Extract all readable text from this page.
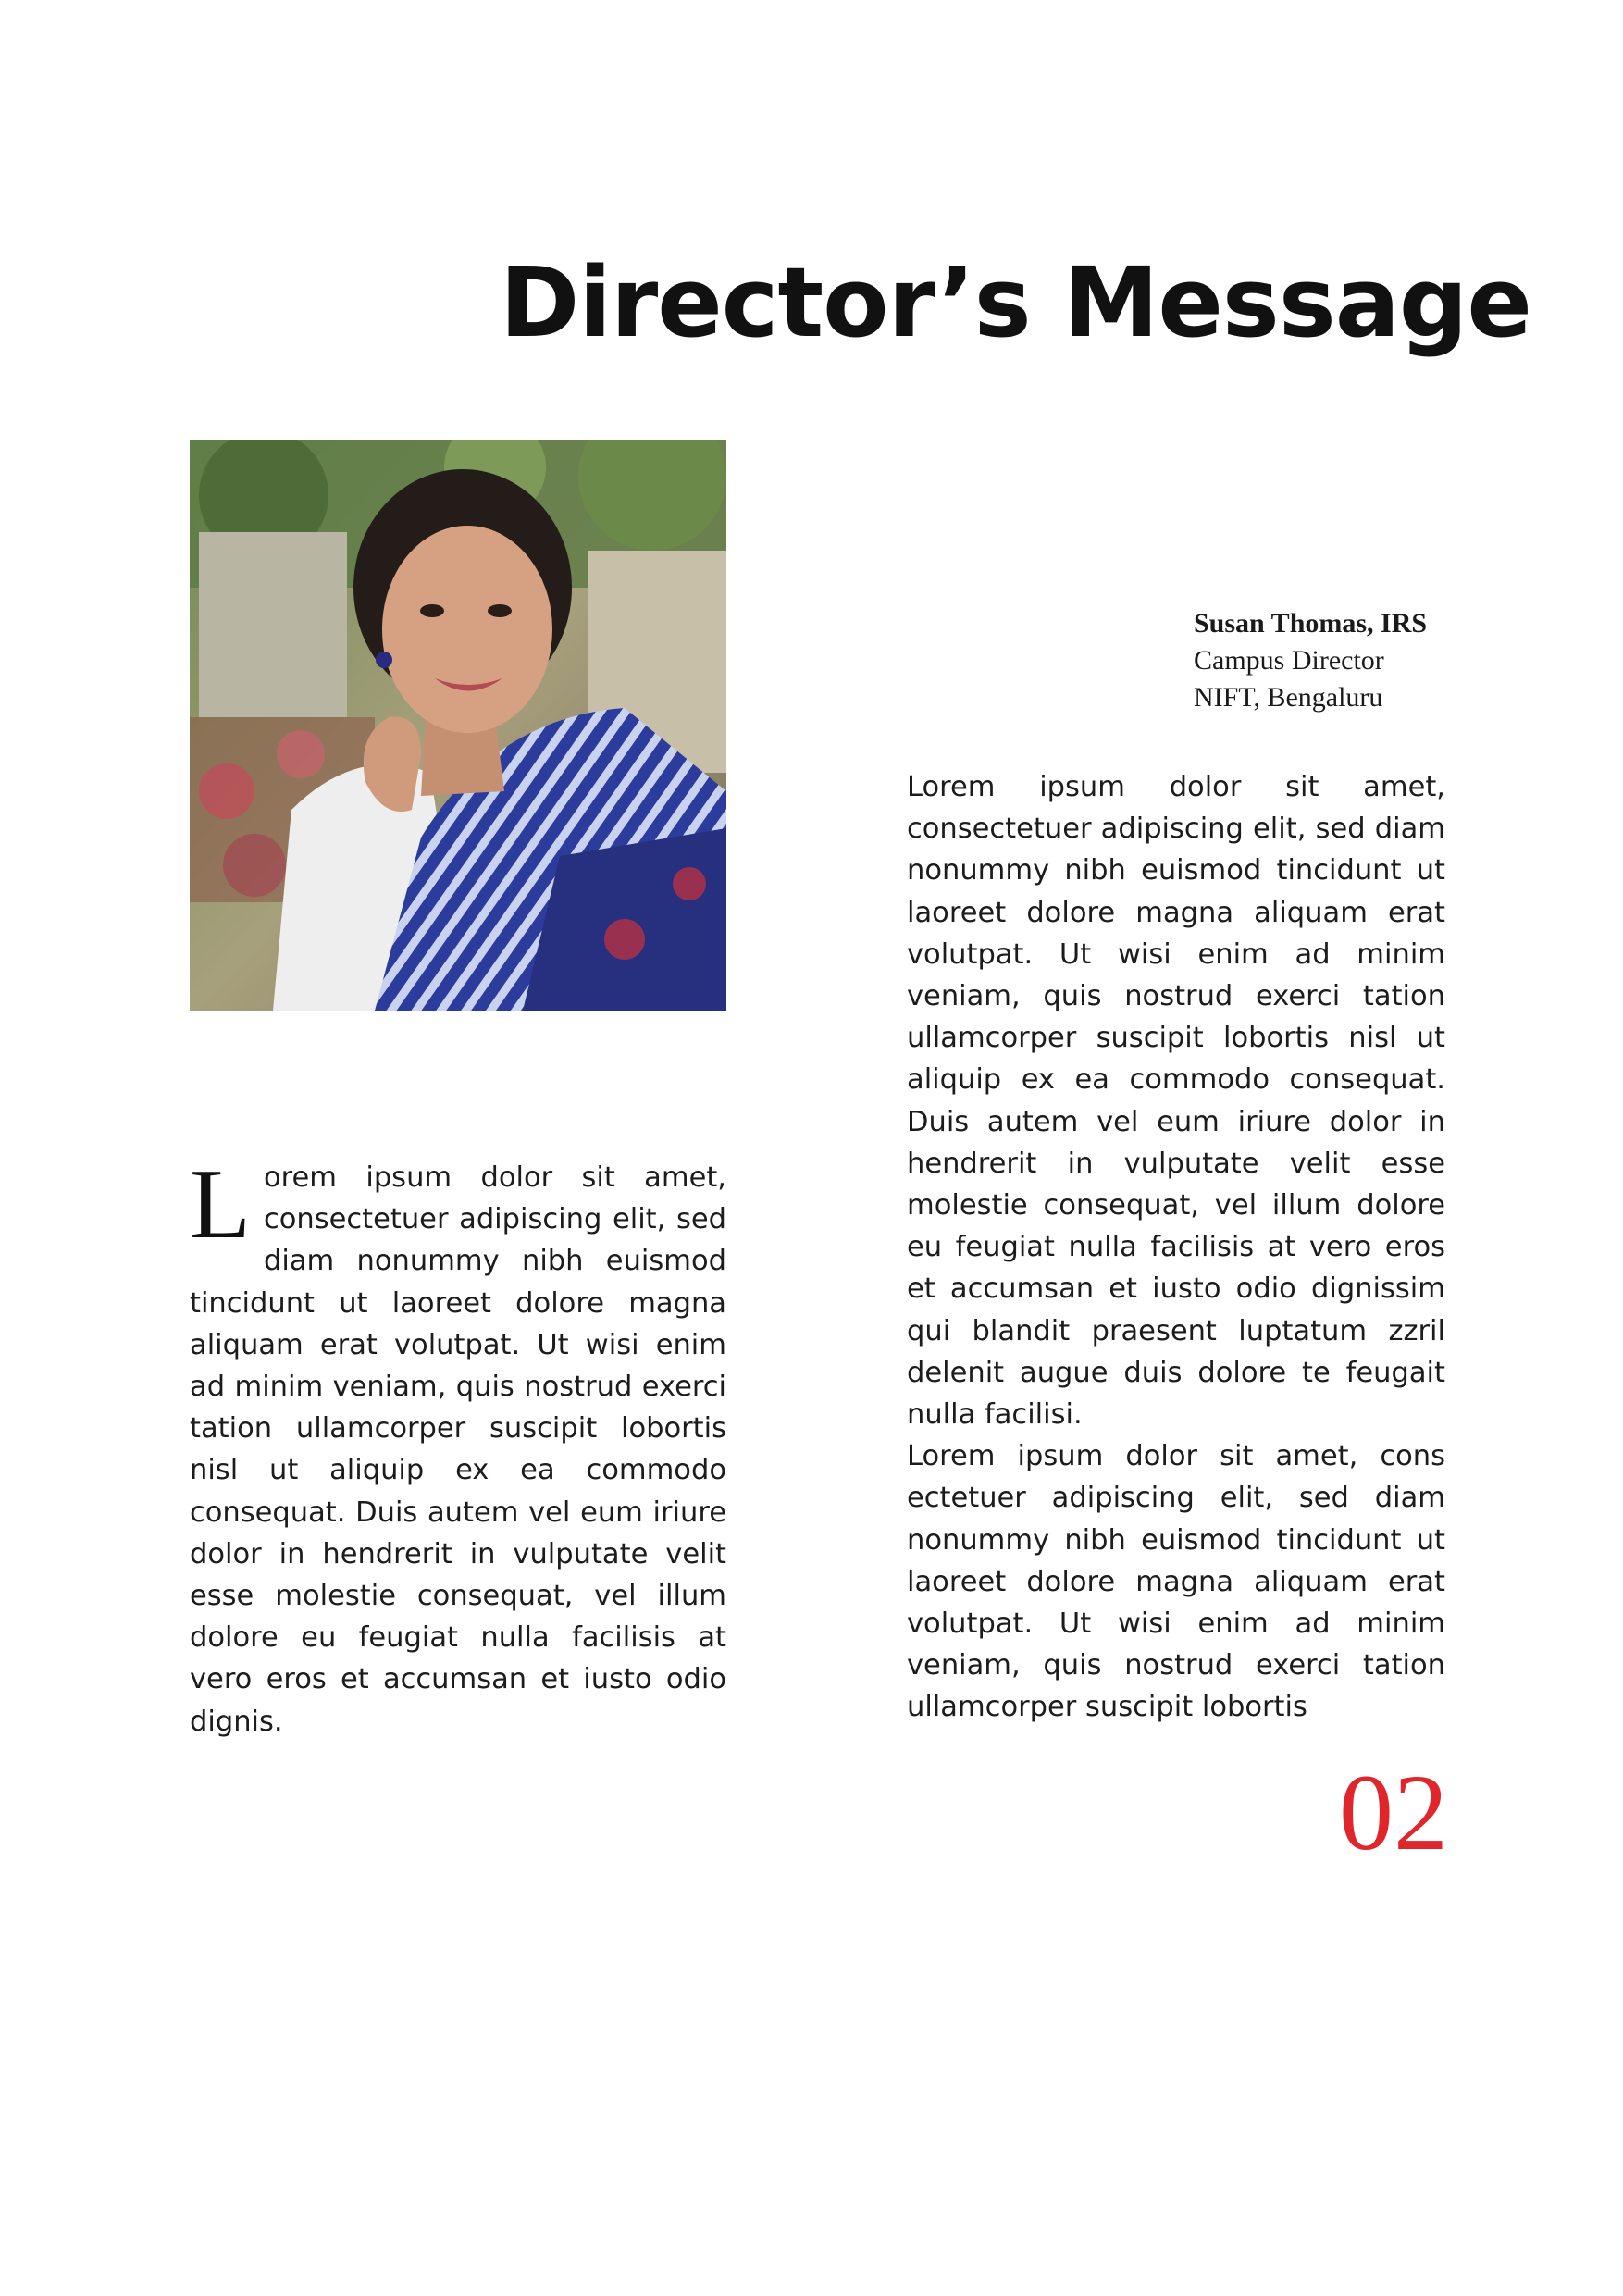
Director’s Message
Susan Thomas, IRS
Campus Director
NIFT, Bengaluru

Lorem ipsum dolor sit amet, consectetuer adipiscing elit, sed diam nonummy nibh euismod tincidunt ut laoreet dolore magna aliquam erat volutpat. Ut wisi enim ad minim veniam, quis nostrud exerci tation ullamcorper suscipit lobortis nisl ut aliquip ex ea commodo consequat. Duis autem vel eum iriure dolor in hendrerit in vulputate velit esse molestie consequat, vel illum dolore eu feugiat nulla facilisis at vero eros et accumsan et iusto odio dignis.

Lorem ipsum dolor sit amet, consectetuer adipiscing elit, sed diam nonummy nibh euismod tincidunt ut laoreet dolore magna aliquam erat volutpat. Ut wisi enim ad minim veniam, quis nostrud exerci tation ullamcorper suscipit lobortis nisl ut aliquip ex ea commodo consequat. Duis autem vel eum iriure dolor in hendrerit in vulputate velit esse molestie consequat, vel illum dolore eu feugiat nulla facilisis at vero eros et accumsan et iusto odio dignissim qui blandit praesent luptatum zzril delenit augue duis dolore te feugait nulla facilisi.

Lorem ipsum dolor sit amet, cons ectetuer adipiscing elit, sed diam nonummy nibh euismod tincidunt ut laoreet dolore magna aliquam erat volutpat. Ut wisi enim ad minim veniam, quis nostrud exerci tation ullamcorper suscipit lobortis

02
